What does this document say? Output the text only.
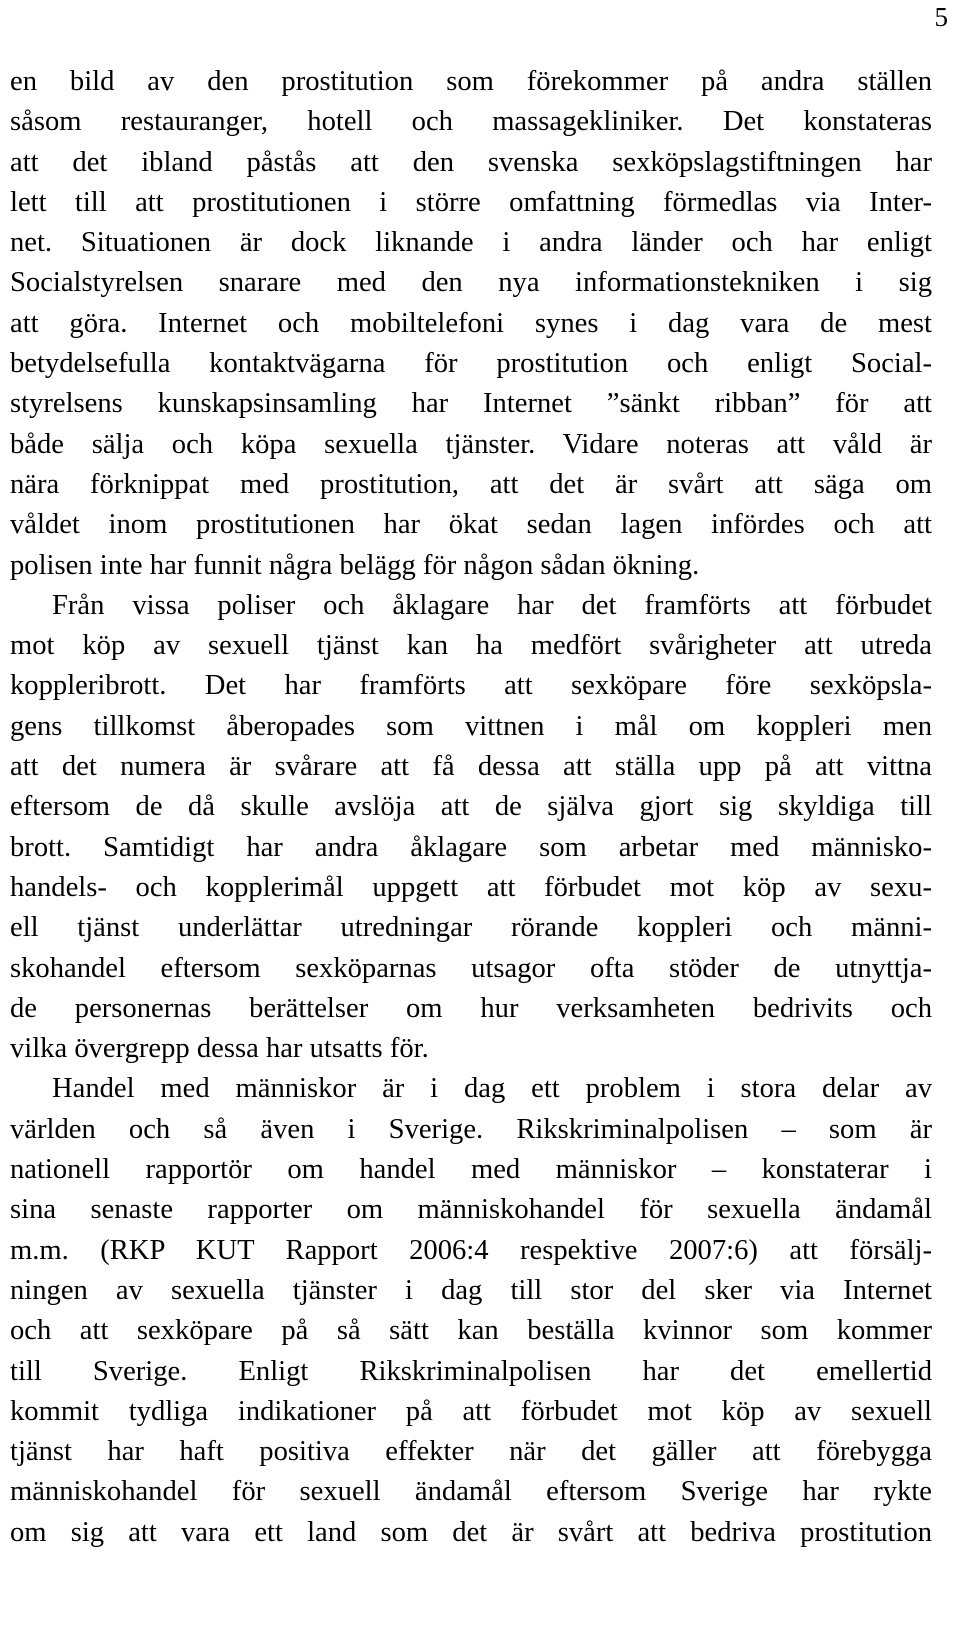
5
en bild av den prostitution som förekommer på andra ställen
såsom restauranger, hotell och massagekliniker. Det konstateras
att det ibland påstås att den svenska sexköpslagstiftningen har
lett till att prostitutionen i större omfattning förmedlas via Inter-
net. Situationen är dock liknande i andra länder och har enligt
Socialstyrelsen snarare med den nya informationstekniken i sig
att göra. Internet och mobiltelefoni synes i dag vara de mest
betydelsefulla kontaktvägarna för prostitution och enligt Social-
styrelsens kunskapsinsamling har Internet ”sänkt ribban” för att
både sälja och köpa sexuella tjänster. Vidare noteras att våld är
nära förknippat med prostitution, att det är svårt att säga om
våldet inom prostitutionen har ökat sedan lagen infördes och att
polisen inte har funnit några belägg för någon sådan ökning.
Från vissa poliser och åklagare har det framförts att förbudet
mot köp av sexuell tjänst kan ha medfört svårigheter att utreda
koppleribrott. Det har framförts att sexköpare före sexköpsla-
gens tillkomst åberopades som vittnen i mål om koppleri men
att det numera är svårare att få dessa att ställa upp på att vittna
eftersom de då skulle avslöja att de själva gjort sig skyldiga till
brott. Samtidigt har andra åklagare som arbetar med människo-
handels- och kopplerimål uppgett att förbudet mot köp av sexu-
ell tjänst underlättar utredningar rörande koppleri och männi-
skohandel eftersom sexköparnas utsagor ofta stöder de utnyttja-
de personernas berättelser om hur verksamheten bedrivits och
vilka övergrepp dessa har utsatts för.
Handel med människor är i dag ett problem i stora delar av
världen och så även i Sverige. Rikskriminalpolisen – som är
nationell rapportör om handel med människor – konstaterar i
sina senaste rapporter om människohandel för sexuella ändamål
m.m. (RKP KUT Rapport 2006:4 respektive 2007:6) att försälj-
ningen av sexuella tjänster i dag till stor del sker via Internet
och att sexköpare på så sätt kan beställa kvinnor som kommer
till Sverige. Enligt Rikskriminalpolisen har det emellertid
kommit tydliga indikationer på att förbudet mot köp av sexuell
tjänst har haft positiva effekter när det gäller att förebygga
människohandel för sexuell ändamål eftersom Sverige har rykte
om sig att vara ett land som det är svårt att bedriva prostitution
